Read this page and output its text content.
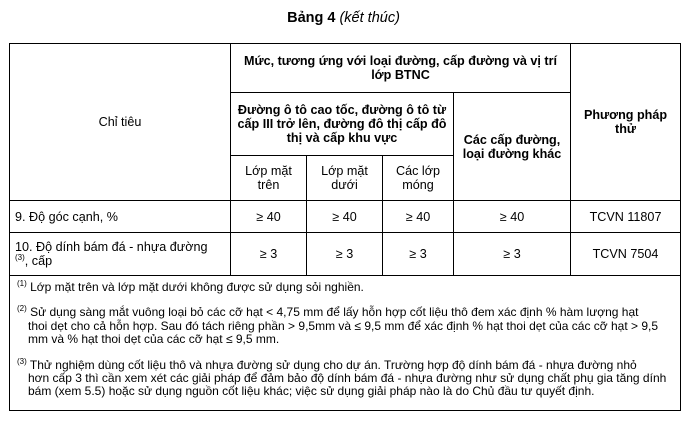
Bảng 4 (kết thúc)
Chỉ tiêu	Mức, tương ứng với loại đường, cấp đường và vị trí lớp BTNC				Phương pháp thử
	Đường ô tô cao tốc, đường ô tô từ cấp III trở lên, đường đô thị cấp đô thị và cấp khu vực			Các cấp đường, loại đường khác	
	Lớp mặt trên	Lớp mặt dưới	Các lớp móng		
9. Độ góc cạnh, %	≥ 40	≥ 40	≥ 40	≥ 40	TCVN 11807
10. Độ dính bám đá - nhựa đường
$^{(3)}$, cấp	≥ 3	≥ 3	≥ 3	≥ 3	TCVN 7504

$^{(1)}$ Lớp mặt trên và lớp mặt dưới không được sử dụng sỏi nghiền.

$^{(2)}$ Sử dụng sàng mắt vuông loại bỏ các cỡ hạt < 4,75 mm để lấy hỗn hợp cốt liệu thô đem xác định % hàm lượng hạt
thoi dẹt cho cả hỗn hợp. Sau đó tách riêng phần > 9,5mm và ≤ 9,5 mm để xác định % hạt thoi dẹt của các cỡ hạt > 9,5 mm và % hạt thoi dẹt của các cỡ hạt ≤ 9,5 mm.

$^{(3)}$ Thử nghiệm dùng cốt liệu thô và nhựa đường sử dụng cho dự án. Trường hợp độ dính bám đá - nhựa đường nhỏ
hơn cấp 3 thì cần xem xét các giải pháp để đảm bảo độ dính bám đá - nhựa đường như sử dụng chất phụ gia tăng dính bám (xem 5.5) hoặc sử dụng nguồn cốt liệu khác; việc sử dụng giải pháp nào là do Chủ đầu tư quyết định.					
